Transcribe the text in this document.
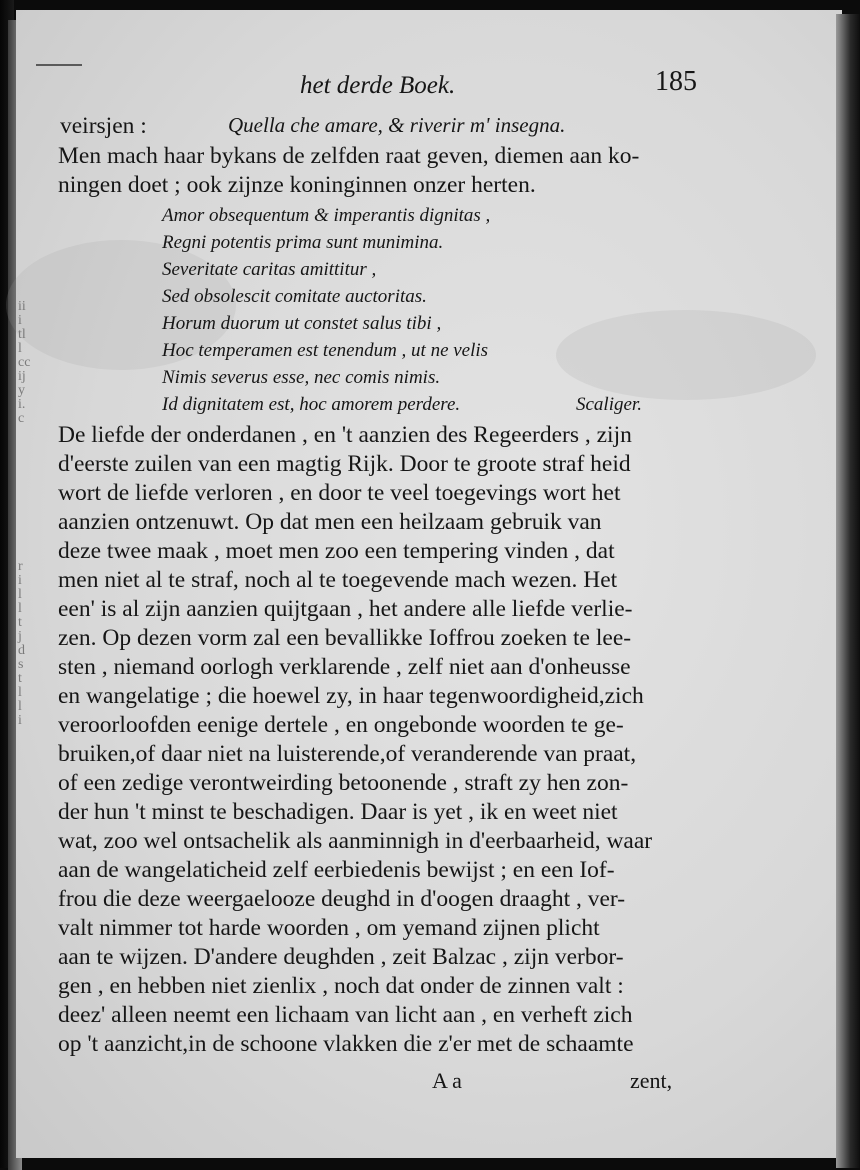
ii
i
tl
l
cc
ij
y
i.
c
r
i
l
l
t
j
d
s
t
l
l
i
het derde Boek.	185
veirsjen :	Quella che amare, & riverir m' insegna.
Men mach haar bykans de zelfden raat geven, diemen aan ko-
ningen doet ; ook zijnze koninginnen onzer herten.
Amor obsequentum & imperantis dignitas ,
Regni potentis prima sunt munimina.
Severitate caritas amittitur ,
Sed obsolescit comitate auctoritas.
Horum duorum ut constet salus tibi ,
Hoc temperamen est tenendum , ut ne velis
Nimis severus esse, nec comis nimis.
Id dignitatem est, hoc amorem perdere.	Scaliger.
De liefde der onderdanen , en 't aanzien des Regeerders , zijn
d'eerste zuilen van een magtig Rijk. Door te groote straf heid
wort de liefde verloren , en door te veel toegevings wort het
aanzien ontzenuwt. Op dat men een heilzaam gebruik van
deze twee maak , moet men zoo een tempering vinden , dat
men niet al te straf, noch al te toegevende mach wezen. Het
een' is al zijn aanzien quijtgaan , het andere alle liefde verlie-
zen. Op dezen vorm zal een bevallikke Ioffrou zoeken te lee-
sten , niemand oorlogh verklarende , zelf niet aan d'onheusse
en wangelatige ; die hoewel zy, in haar tegenwoordigheid,zich
veroorloofden eenige dertele , en ongebonde woorden te ge-
bruiken,of daar niet na luisterende,of veranderende van praat,
of een zedige verontweirding betoonende , straft zy hen zon-
der hun 't minst te beschadigen. Daar is yet , ik en weet niet
wat, zoo wel ontsachelik als aanminnigh in d'eerbaarheid, waar
aan de wangelaticheid zelf eerbiedenis bewijst ; en een Iof-
frou die deze weergaelooze deughd in d'oogen draaght , ver-
valt nimmer tot harde woorden , om yemand zijnen plicht
aan te wijzen. D'andere deughden , zeit Balzac , zijn verbor-
gen , en hebben niet zienlix , noch dat onder de zinnen valt :
deez' alleen neemt een lichaam van licht aan , en verheft zich
op 't aanzicht,in de schoone vlakken die z'er met de schaamte
A a	zent,
